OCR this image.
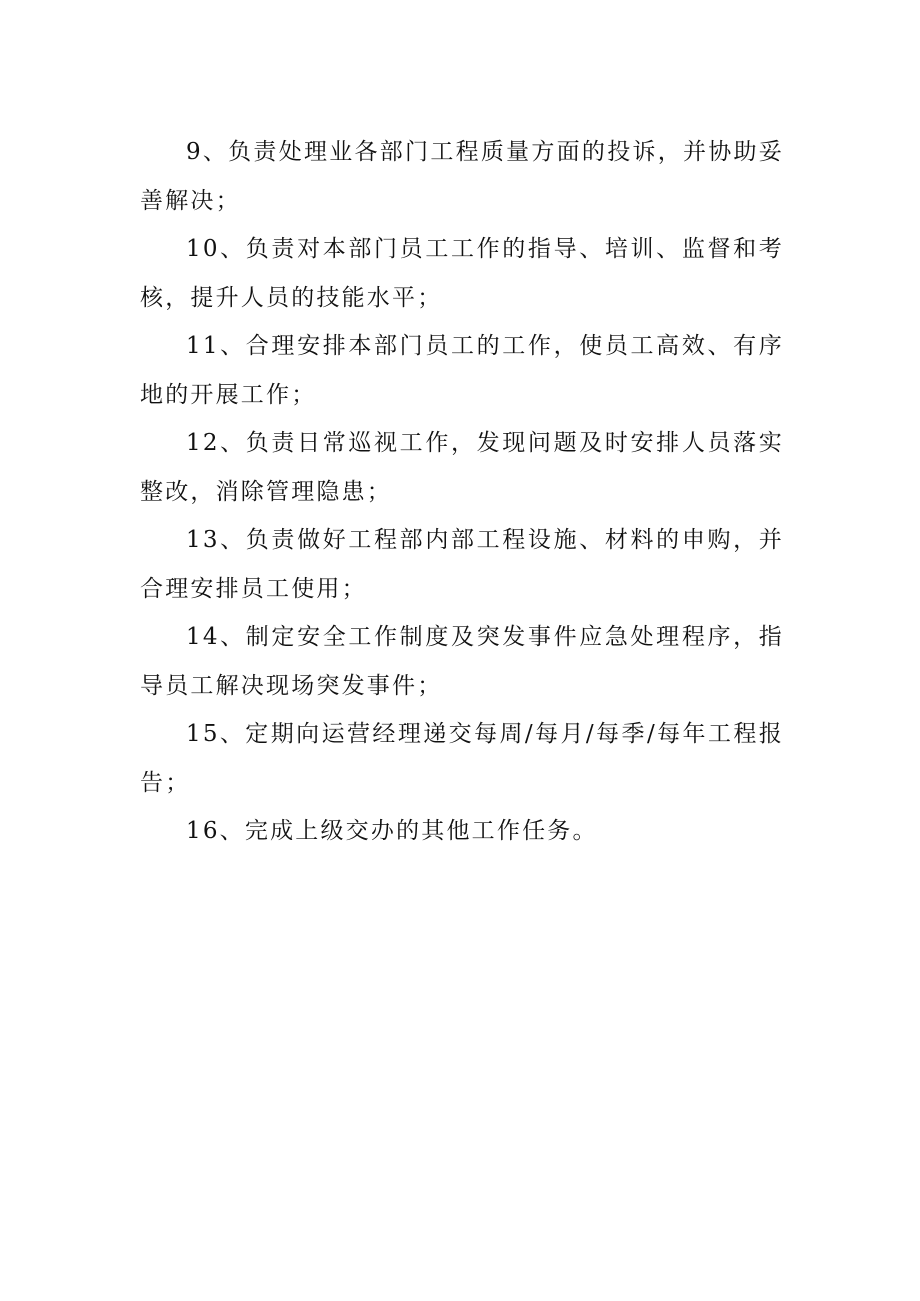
9、负责处理业各部门工程质量方面的投诉，并协助妥善解决；

10、负责对本部门员工工作的指导、培训、监督和考核，提升人员的技能水平；

11、合理安排本部门员工的工作，使员工高效、有序地的开展工作；

12、负责日常巡视工作，发现问题及时安排人员落实整改，消除管理隐患；

13、负责做好工程部内部工程设施、材料的申购，并合理安排员工使用；

14、制定安全工作制度及突发事件应急处理程序，指导员工解决现场突发事件；

15、定期向运营经理递交每周/每月/每季/每年工程报告；

16、完成上级交办的其他工作任务。
